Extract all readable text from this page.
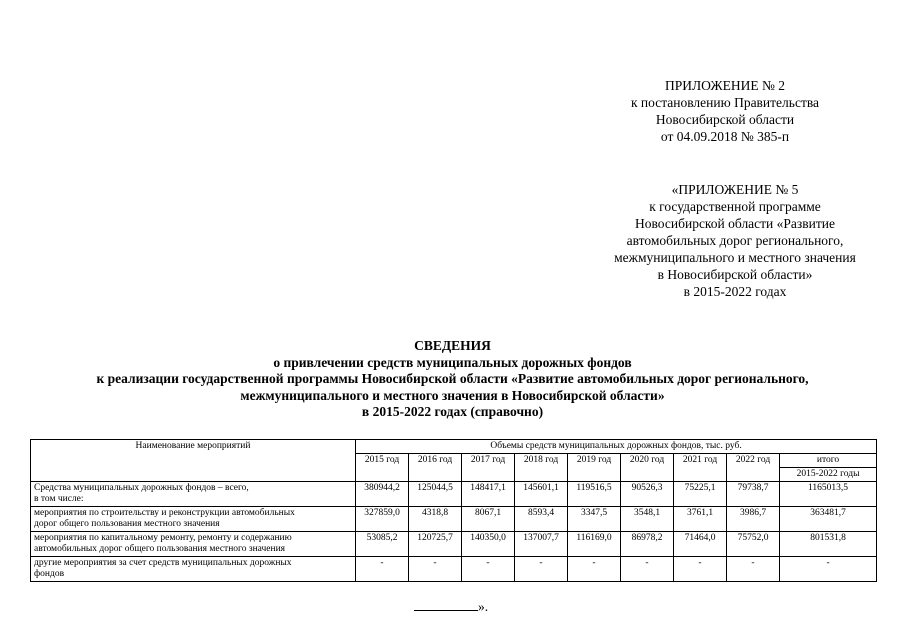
ПРИЛОЖЕНИЕ № 2
к постановлению Правительства
Новосибирской области
от 04.09.2018 № 385-п
«ПРИЛОЖЕНИЕ № 5
к государственной программе
Новосибирской области «Развитие
автомобильных дорог регионального,
межмуниципального и местного значения
в Новосибирской области»
в 2015-2022 годах
СВЕДЕНИЯ
о привлечении средств муниципальных дорожных фондов
к реализации государственной программы Новосибирской области «Развитие автомобильных дорог регионального,
межмуниципального и местного значения в Новосибирской области»
в 2015-2022 годах (справочно)
Наименование мероприятий	Объемы средств муниципальных дорожных фондов, тыс. руб.								
	2015 год	2016 год	2017 год	2018 год	2019 год	2020 год	2021 год	2022 год	итого
									2015-2022 годы

Средства муниципальных дорожных фондов – всего,
в том числе:	380944,2	125044,5	148417,1	145601,1	119516,5	90526,3	75225,1	79738,7	1165013,5

мероприятия по строительству и реконструкции автомобильных
дорог общего пользования местного значения	327859,0	4318,8	8067,1	8593,4	3347,5	3548,1	3761,1	3986,7	363481,7

мероприятия по капитальному ремонту, ремонту и содержанию
автомобильных дорог общего пользования местного значения	53085,2	120725,7	140350,0	137007,7	116169,0	86978,2	71464,0	75752,0	801531,8

другие мероприятия за счет средств муниципальных дорожных
фондов	-	-	-	-	-	-	-	-	-
».
